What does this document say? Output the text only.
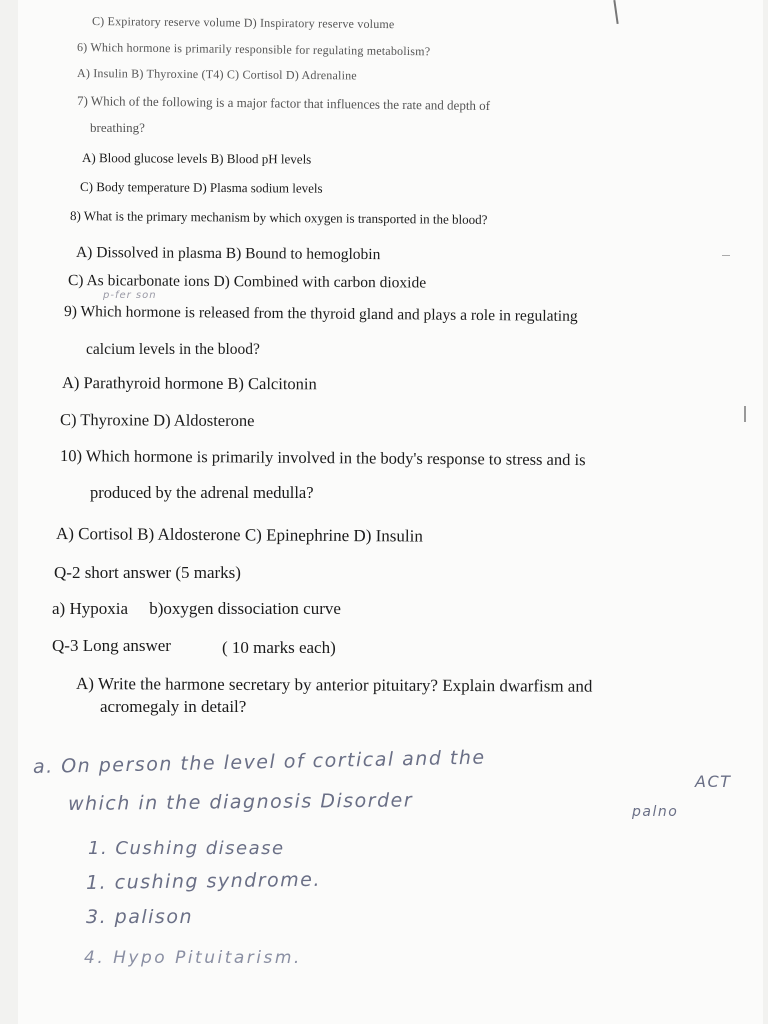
C) Expiratory reserve volume D) Inspiratory reserve volume
6) Which hormone is primarily responsible for regulating metabolism?
A) Insulin B) Thyroxine (T4) C) Cortisol D) Adrenaline
7) Which of the following is a major factor that influences the rate and depth of
breathing?
A) Blood glucose levels B) Blood pH levels
C) Body temperature D) Plasma sodium levels
8) What is the primary mechanism by which oxygen is transported in the blood?
A) Dissolved in plasma B) Bound to hemoglobin
C) As bicarbonate ions D) Combined with carbon dioxide
p-fer son
9) Which hormone is released from the thyroid gland and plays a role in regulating
calcium levels in the blood?
A) Parathyroid hormone B) Calcitonin
C) Thyroxine D) Aldosterone
10) Which hormone is primarily involved in the body's response to stress and is
produced by the adrenal medulla?
A) Cortisol B) Aldosterone C) Epinephrine D) Insulin
Q-2 short answer (5 marks)
a) Hypoxia     b)oxygen dissociation curve
Q-3 Long answer	( 10 marks each)
A) Write the harmone secretary by anterior pituitary? Explain dwarfism and
acromegaly in detail?
a. On person the level of cortical and the
ACT
which in the diagnosis Disorder	palno
1. Cushing disease
1. cushing syndrome.
3. palison
4. Hypo Pituitarism.
